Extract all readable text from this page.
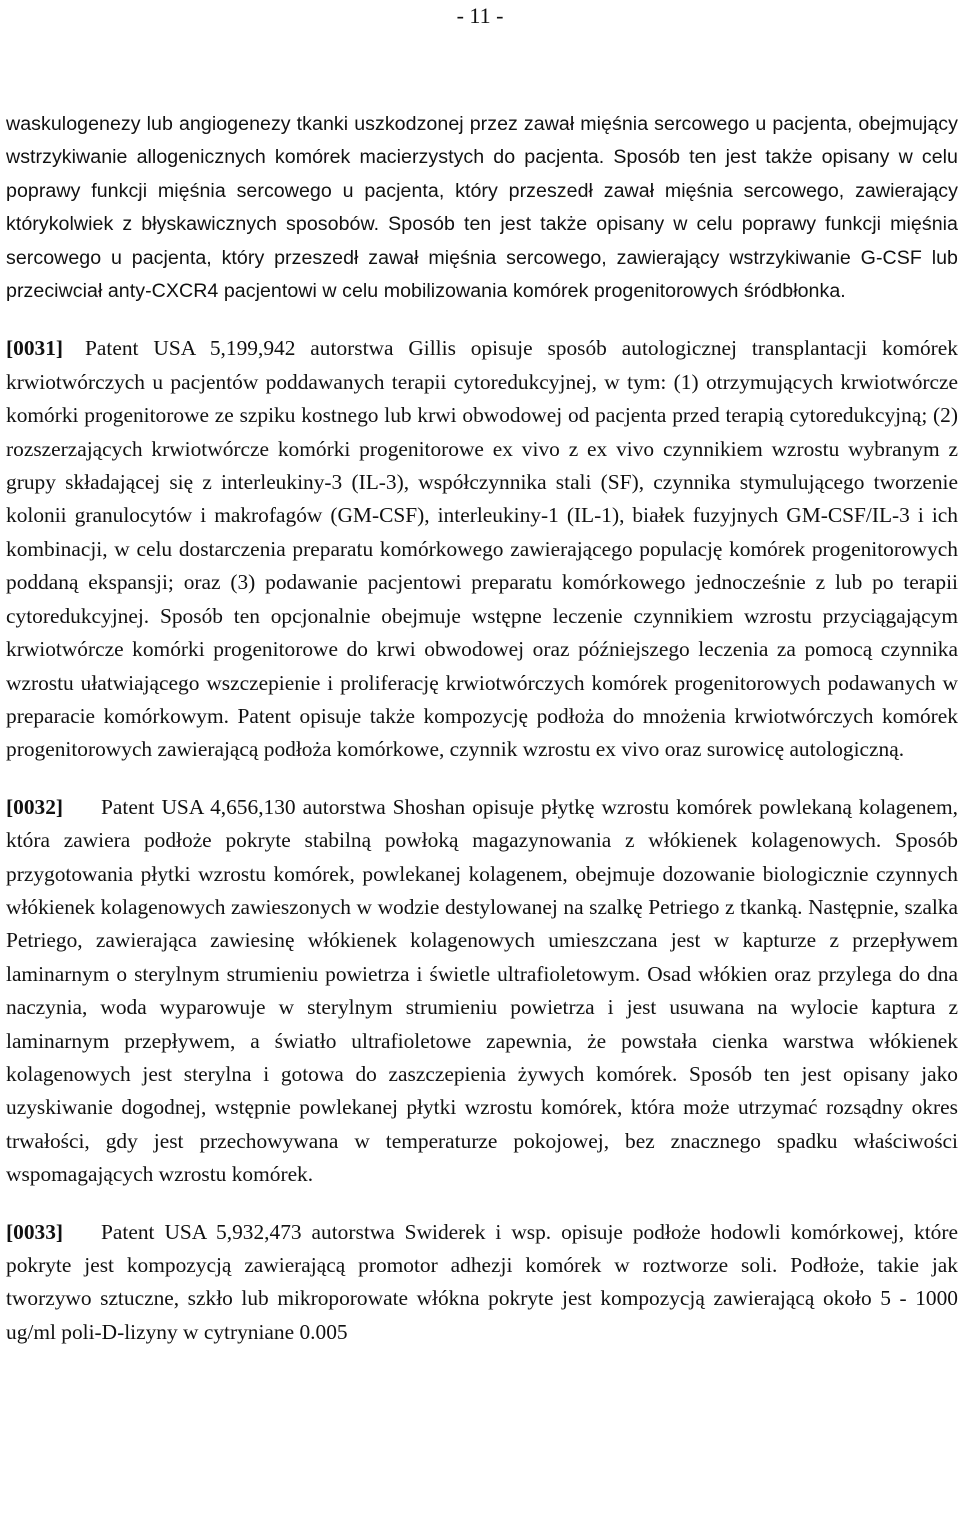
- 11 -

waskulogenezy lub angiogenezy tkanki uszkodzonej przez zawał mięśnia sercowego u pacjenta, obejmujący wstrzykiwanie allogenicznych komórek macierzystych do pacjenta. Sposób ten jest także opisany w celu poprawy funkcji mięśnia sercowego u pacjenta, który przeszedł zawał mięśnia sercowego, zawierający którykolwiek z błyskawicznych sposobów. Sposób ten jest także opisany w celu poprawy funkcji mięśnia sercowego u pacjenta, który przeszedł zawał mięśnia sercowego, zawierający wstrzykiwanie G-CSF lub przeciwciał anty-CXCR4 pacjentowi w celu mobilizowania komórek progenitorowych śródbłonka.

[0031] Patent USA 5,199,942 autorstwa Gillis opisuje sposób autologicznej transplantacji komórek krwiotwórczych u pacjentów poddawanych terapii cytoredukcyjnej, w tym: (1) otrzymujących krwiotwórcze komórki progenitorowe ze szpiku kostnego lub krwi obwodowej od pacjenta przed terapią cytoredukcyjną; (2) rozszerzających krwiotwórcze komórki progenitorowe ex vivo z ex vivo czynnikiem wzrostu wybranym z grupy składającej się z interleukiny-3 (IL-3), współczynnika stali (SF), czynnika stymulującego tworzenie kolonii granulocytów i makrofagów (GM-CSF), interleukiny-1 (IL-1), białek fuzyjnych GM-CSF/IL-3 i ich kombinacji, w celu dostarczenia preparatu komórkowego zawierającego populację komórek progenitorowych poddaną ekspansji; oraz (3) podawanie pacjentowi preparatu komórkowego jednocześnie z lub po terapii cytoredukcyjnej. Sposób ten opcjonalnie obejmuje wstępne leczenie czynnikiem wzrostu przyciągającym krwiotwórcze komórki progenitorowe do krwi obwodowej oraz późniejszego leczenia za pomocą czynnika wzrostu ułatwiającego wszczepienie i proliferację krwiotwórczych komórek progenitorowych podawanych w preparacie komórkowym. Patent opisuje także kompozycję podłoża do mnożenia krwiotwórczych komórek progenitorowych zawierającą podłoża komórkowe, czynnik wzrostu ex vivo oraz surowicę autologiczną.

[0032] Patent USA 4,656,130 autorstwa Shoshan opisuje płytkę wzrostu komórek powlekaną kolagenem, która zawiera podłoże pokryte stabilną powłoką magazynowania z włókienek kolagenowych. Sposób przygotowania płytki wzrostu komórek, powlekanej kolagenem, obejmuje dozowanie biologicznie czynnych włókienek kolagenowych zawieszonych w wodzie destylowanej na szalkę Petriego z tkanką. Następnie, szalka Petriego, zawierająca zawiesinę włókienek kolagenowych umieszczana jest w kapturze z przepływem laminarnym o sterylnym strumieniu powietrza i świetle ultrafioletowym. Osad włókien oraz przylega do dna naczynia, woda wyparowuje w sterylnym strumieniu powietrza i jest usuwana na wylocie kaptura z laminarnym przepływem, a światło ultrafioletowe zapewnia, że powstała cienka warstwa włókienek kolagenowych jest sterylna i gotowa do zaszczepienia żywych komórek. Sposób ten jest opisany jako uzyskiwanie dogodnej, wstępnie powlekanej płytki wzrostu komórek, która może utrzymać rozsądny okres trwałości, gdy jest przechowywana w temperaturze pokojowej, bez znacznego spadku właściwości wspomagających wzrostu komórek.

[0033] Patent USA 5,932,473 autorstwa Swiderek i wsp. opisuje podłoże hodowli komórkowej, które pokryte jest kompozycją zawierającą promotor adhezji komórek w roztworze soli. Podłoże, takie jak tworzywo sztuczne, szkło lub mikroporowate włókna pokryte jest kompozycją zawierającą około 5 - 1000 ug/ml poli-D-lizyny w cytryniane 0.005
